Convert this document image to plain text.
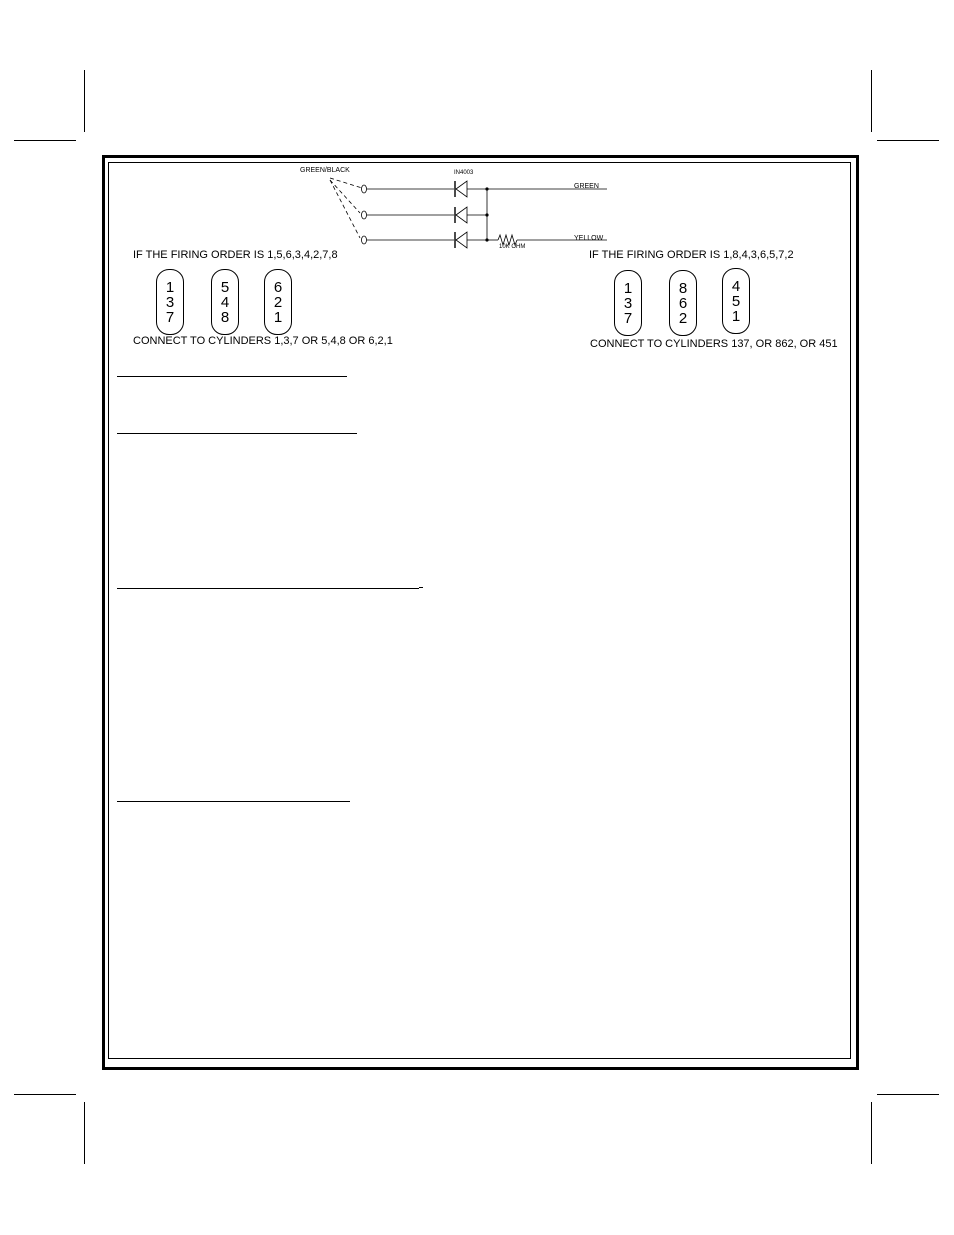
GREEN/BLACK	IN4003
GREEN
YELLOW
10K OHM
IF THE FIRING ORDER IS 1,5,6,3,4,2,7,8
1
3
7
5
4
8
6
2
1
CONNECT TO CYLINDERS 1,3,7 OR 5,4,8 OR 6,2,1
IF THE FIRING ORDER IS 1,8,4,3,6,5,7,2
1
3
7
8
6
2
4
5
1
CONNECT TO CYLINDERS 137, OR 862, OR 451
